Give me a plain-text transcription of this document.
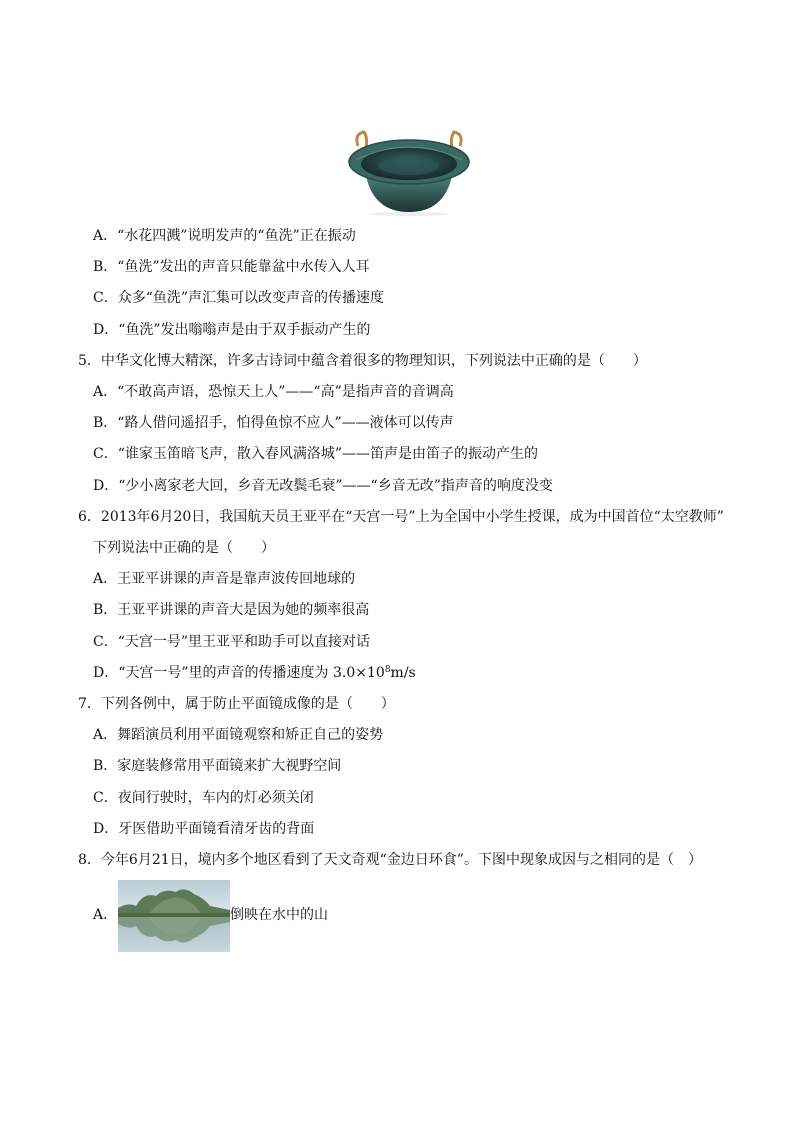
A．“水花四溅”说明发声的“鱼洗”正在振动
B．“鱼洗”发出的声音只能靠盆中水传入人耳
C．众多“鱼洗”声汇集可以改变声音的传播速度
D．“鱼洗”发出嗡嗡声是由于双手振动产生的
5．中华文化博大精深，许多古诗词中蕴含着很多的物理知识，下列说法中正确的是（　　）
A．“不敢高声语，恐惊天上人”——“高”是指声音的音调高
B．“路人借问遥招手，怕得鱼惊不应人”——液体可以传声
C．“谁家玉笛暗飞声，散入春风满洛城”——笛声是由笛子的振动产生的
D．“少小离家老大回，乡音无改鬓毛衰”——“乡音无改”指声音的响度没变
6．2013年6月20日，我国航天员王亚平在“天宫一号”上为全国中小学生授课，成为中国首位“太空教师”
下列说法中正确的是（　　）
A．王亚平讲课的声音是靠声波传回地球的
B．王亚平讲课的声音大是因为她的频率很高
C．“天宫一号”里王亚平和助手可以直接对话
D．“天宫一号”里的声音的传播速度为 $3.0\times 10^8m/s$
7．下列各例中，属于防止平面镜成像的是（　　）
A．舞蹈演员利用平面镜观察和矫正自己的姿势
B．家庭装修常用平面镜来扩大视野空间
C．夜间行驶时，车内的灯必须关闭
D．牙医借助平面镜看清牙齿的背面
8．今年6月21日，境内多个地区看到了天文奇观“金边日环食”。下图中现象成因与之相同的是（　）
A．	倒映在水中的山
